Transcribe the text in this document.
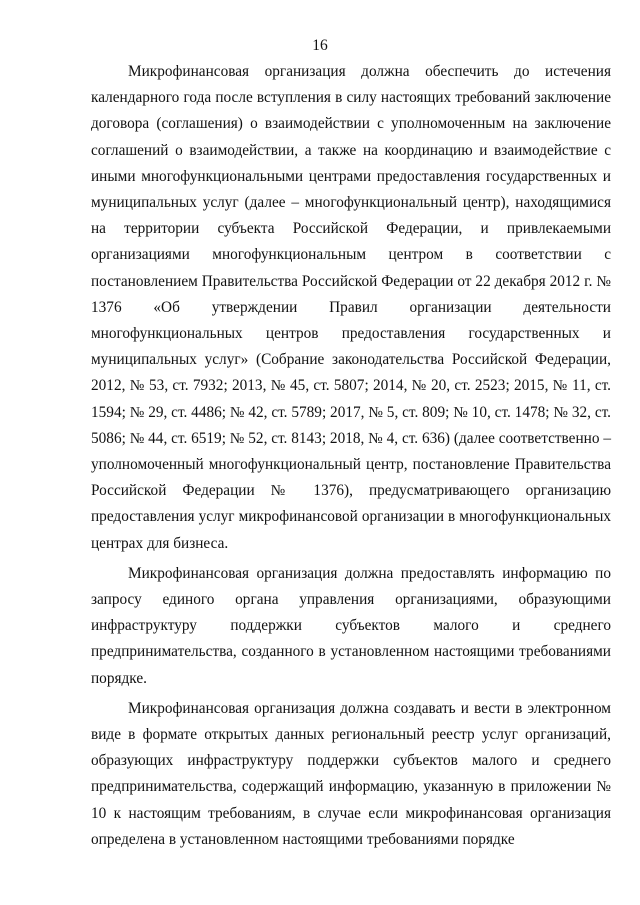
16

Микрофинансовая организация должна обеспечить до истечения календарного года после вступления в силу настоящих требований заключение договора (соглашения) о взаимодействии с уполномоченным на заключение соглашений о взаимодействии, а также на координацию и взаимодействие с иными многофункциональными центрами предоставления государственных и муниципальных услуг (далее – многофункциональный центр), находящимися на территории субъекта Российской Федерации, и привлекаемыми организациями многофункциональным центром в соответствии с постановлением Правительства Российской Федерации от 22 декабря 2012 г. № 1376 «Об утверждении Правил организации деятельности многофункциональных центров предоставления государственных и муниципальных услуг» (Собрание законодательства Российской Федерации, 2012, № 53, ст. 7932; 2013, № 45, ст. 5807; 2014, № 20, ст. 2523; 2015, № 11, ст. 1594; № 29, ст. 4486; № 42, ст. 5789; 2017, № 5, ст. 809; № 10, ст. 1478; № 32, ст. 5086; № 44, ст. 6519; № 52, ст. 8143; 2018, № 4, ст. 636) (далее соответственно – уполномоченный многофункциональный центр, постановление Правительства Российской Федерации № 1376), предусматривающего организацию предоставления услуг микрофинансовой организации в многофункциональных центрах для бизнеса.

Микрофинансовая организация должна предоставлять информацию по запросу единого органа управления организациями, образующими инфраструктуру поддержки субъектов малого и среднего предпринимательства, созданного в установленном настоящими требованиями порядке.

Микрофинансовая организация должна создавать и вести в электронном виде в формате открытых данных региональный реестр услуг организаций, образующих инфраструктуру поддержки субъектов малого и среднего предпринимательства, содержащий информацию, указанную в приложении № 10 к настоящим требованиям, в случае если микрофинансовая организация определена в установленном настоящими требованиями порядке
